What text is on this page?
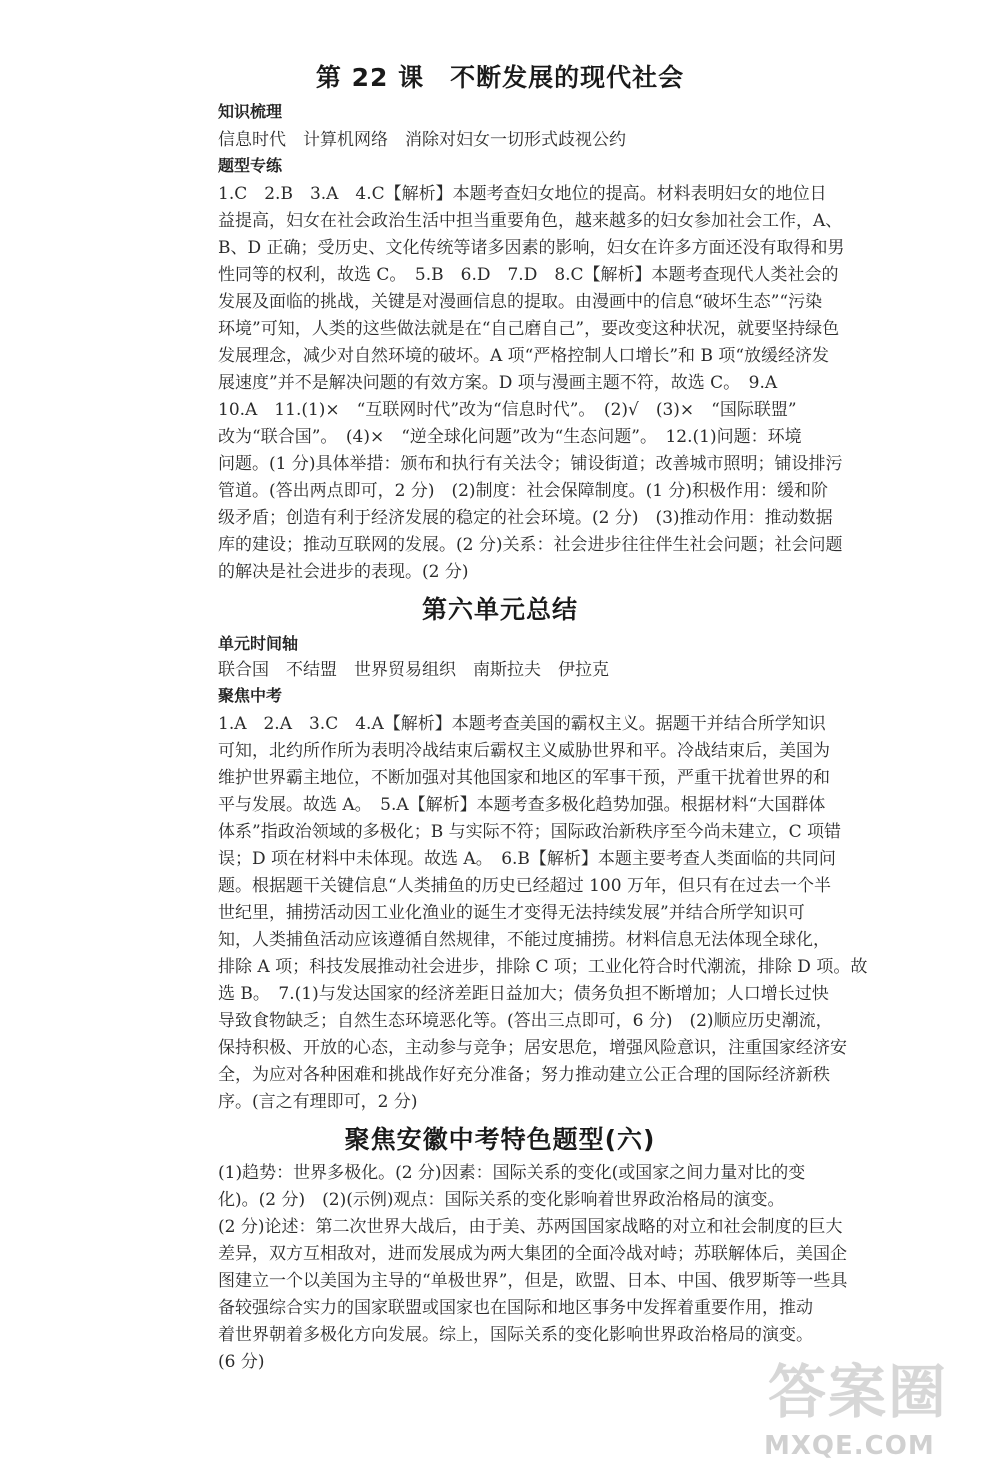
第 22 课　不断发展的现代社会
知识梳理
信息时代　计算机网络　消除对妇女一切形式歧视公约
题型专练
1.C　2.B　3.A　4.C【解析】本题考查妇女地位的提高。材料表明妇女的地位日
益提高，妇女在社会政治生活中担当重要角色，越来越多的妇女参加社会工作，A、
B、D 正确；受历史、文化传统等诸多因素的影响，妇女在许多方面还没有取得和男
性同等的权利，故选 C。　5.B　6.D　7.D　8.C【解析】本题考查现代人类社会的
发展及面临的挑战，关键是对漫画信息的提取。由漫画中的信息“破坏生态”“污染
环境”可知，人类的这些做法就是在“自己磨自己”，要改变这种状况，就要坚持绿色
发展理念，减少对自然环境的破坏。A 项“严格控制人口增长”和 B 项“放缓经济发
展速度”并不是解决问题的有效方案。D 项与漫画主题不符，故选 C。　9.A
10.A　11.(1)×　“互联网时代”改为“信息时代”。　(2)√　(3)×　“国际联盟”
改为“联合国”。　(4)×　“逆全球化问题”改为“生态问题”。　12.(1)问题：环境
问题。(1 分)具体举措：颁布和执行有关法令；铺设街道；改善城市照明；铺设排污
管道。(答出两点即可，2 分)　(2)制度：社会保障制度。(1 分)积极作用：缓和阶
级矛盾；创造有利于经济发展的稳定的社会环境。(2 分)　(3)推动作用：推动数据
库的建设；推动互联网的发展。(2 分)关系：社会进步往往伴生社会问题；社会问题
的解决是社会进步的表现。(2 分)
第六单元总结
单元时间轴
联合国　不结盟　世界贸易组织　南斯拉夫　伊拉克
聚焦中考
1.A　2.A　3.C　4.A【解析】本题考查美国的霸权主义。据题干并结合所学知识
可知，北约所作所为表明冷战结束后霸权主义威胁世界和平。冷战结束后，美国为
维护世界霸主地位，不断加强对其他国家和地区的军事干预，严重干扰着世界的和
平与发展。故选 A。　5.A【解析】本题考查多极化趋势加强。根据材料“大国群体
体系”指政治领域的多极化；B 与实际不符；国际政治新秩序至今尚未建立，C 项错
误；D 项在材料中未体现。故选 A。　6.B【解析】本题主要考查人类面临的共同问
题。根据题干关键信息“人类捕鱼的历史已经超过 100 万年，但只有在过去一个半
世纪里，捕捞活动因工业化渔业的诞生才变得无法持续发展”并结合所学知识可
知，人类捕鱼活动应该遵循自然规律，不能过度捕捞。材料信息无法体现全球化，
排除 A 项；科技发展推动社会进步，排除 C 项；工业化符合时代潮流，排除 D 项。故
选 B。　7.(1)与发达国家的经济差距日益加大；债务负担不断增加；人口增长过快
导致食物缺乏；自然生态环境恶化等。(答出三点即可，6 分)　(2)顺应历史潮流，
保持积极、开放的心态，主动参与竞争；居安思危，增强风险意识，注重国家经济安
全，为应对各种困难和挑战作好充分准备；努力推动建立公正合理的国际经济新秩
序。(言之有理即可，2 分)
聚焦安徽中考特色题型(六)
(1)趋势：世界多极化。(2 分)因素：国际关系的变化(或国家之间力量对比的变
化)。(2 分)　(2)(示例)观点：国际关系的变化影响着世界政治格局的演变。
(2 分)论述：第二次世界大战后，由于美、苏两国国家战略的对立和社会制度的巨大
差异，双方互相敌对，进而发展成为两大集团的全面冷战对峙；苏联解体后，美国企
图建立一个以美国为主导的“单极世界”，但是，欧盟、日本、中国、俄罗斯等一些具
备较强综合实力的国家联盟或国家也在国际和地区事务中发挥着重要作用，推动
着世界朝着多极化方向发展。综上，国际关系的变化影响世界政治格局的演变。
(6 分)	答案圈
MXQE.COM
